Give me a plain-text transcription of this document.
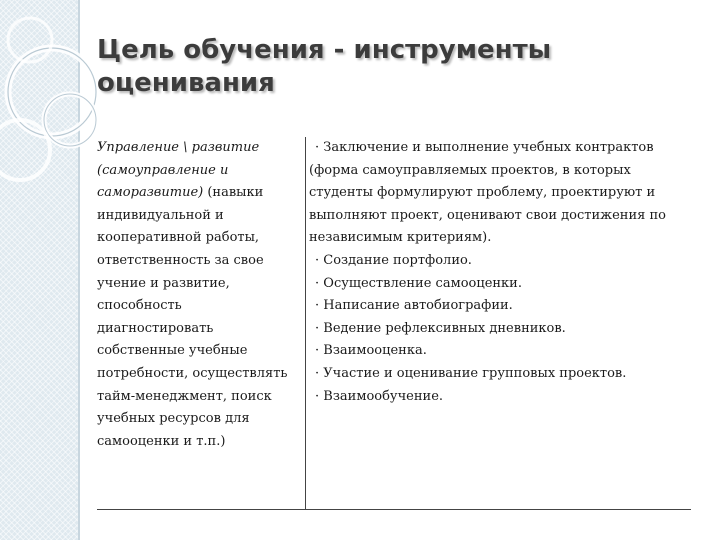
Цель обучения - инструменты
оценивания
Управление \ развитие (самоуправление и саморазвитие) (навыки индивидуальной и кооперативной работы, ответственность за свое учение и развитие, способность диагностировать собственные учебные потребности, осуществлять тайм-менеджмент, поиск учебных ресурсов для самооценки и т.п.)

· Заключение и выполнение учебных контрактов (форма самоуправляемых проектов, в которых студенты формулируют проблему, проектируют и выполняют проект, оценивают свои достижения по независимым критериям).

· Создание портфолио.

· Осуществление самооценки.

· Написание автобиографии.

· Ведение рефлексивных дневников.

· Взаимооценка.

· Участие и оценивание групповых проектов.

· Взаимообучение.
